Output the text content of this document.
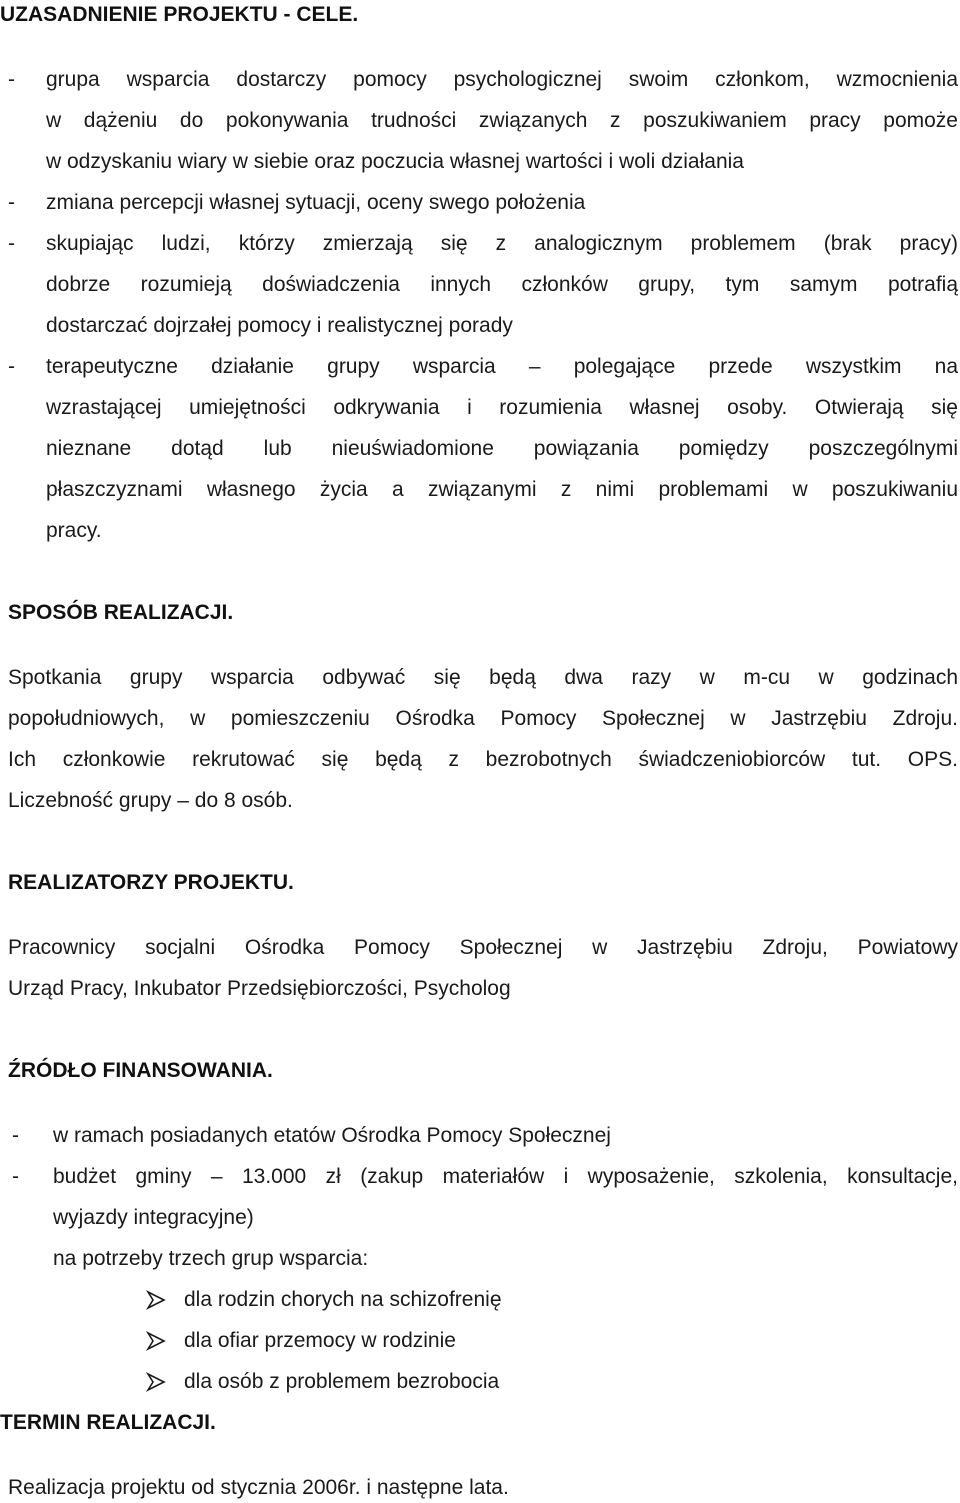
UZASADNIENIE PROJEKTU - CELE.
- grupa wsparcia dostarczy pomocy psychologicznej swoim członkom, wzmocnienia
w dążeniu do pokonywania trudności związanych z poszukiwaniem pracy pomoże
w odzyskaniu wiary w siebie oraz poczucia własnej wartości i woli działania
- zmiana percepcji własnej sytuacji, oceny swego położenia
- skupiając ludzi, którzy zmierzają się z analogicznym problemem (brak pracy)
dobrze rozumieją doświadczenia innych członków grupy, tym samym potrafią
dostarczać dojrzałej pomocy i realistycznej porady
- terapeutyczne działanie grupy wsparcia – polegające przede wszystkim na
wzrastającej umiejętności odkrywania i rozumienia własnej osoby. Otwierają się
nieznane dotąd lub nieuświadomione powiązania pomiędzy poszczególnymi
płaszczyznami własnego życia a związanymi z nimi problemami w poszukiwaniu
pracy.
SPOSÓB REALIZACJI.
Spotkania grupy wsparcia odbywać się będą dwa razy w m-cu w godzinach
popołudniowych, w pomieszczeniu Ośrodka Pomocy Społecznej w Jastrzębiu Zdroju.
Ich członkowie rekrutować się będą z bezrobotnych świadczeniobiorców tut. OPS.
Liczebność grupy – do 8 osób.
REALIZATORZY PROJEKTU.
Pracownicy socjalni Ośrodka Pomocy Społecznej w Jastrzębiu Zdroju, Powiatowy
Urząd Pracy, Inkubator Przedsiębiorczości, Psycholog
ŹRÓDŁO FINANSOWANIA.
- w ramach posiadanych etatów Ośrodka Pomocy Społecznej
- budżet gminy – 13.000 zł (zakup materiałów i wyposażenie, szkolenia, konsultacje,
wyjazdy integracyjne)
na potrzeby trzech grup wsparcia:
dla rodzin chorych na schizofrenię
dla ofiar przemocy w rodzinie
dla osób z problemem bezrobocia
TERMIN REALIZACJI.
Realizacja projektu od stycznia 2006r. i następne lata.
